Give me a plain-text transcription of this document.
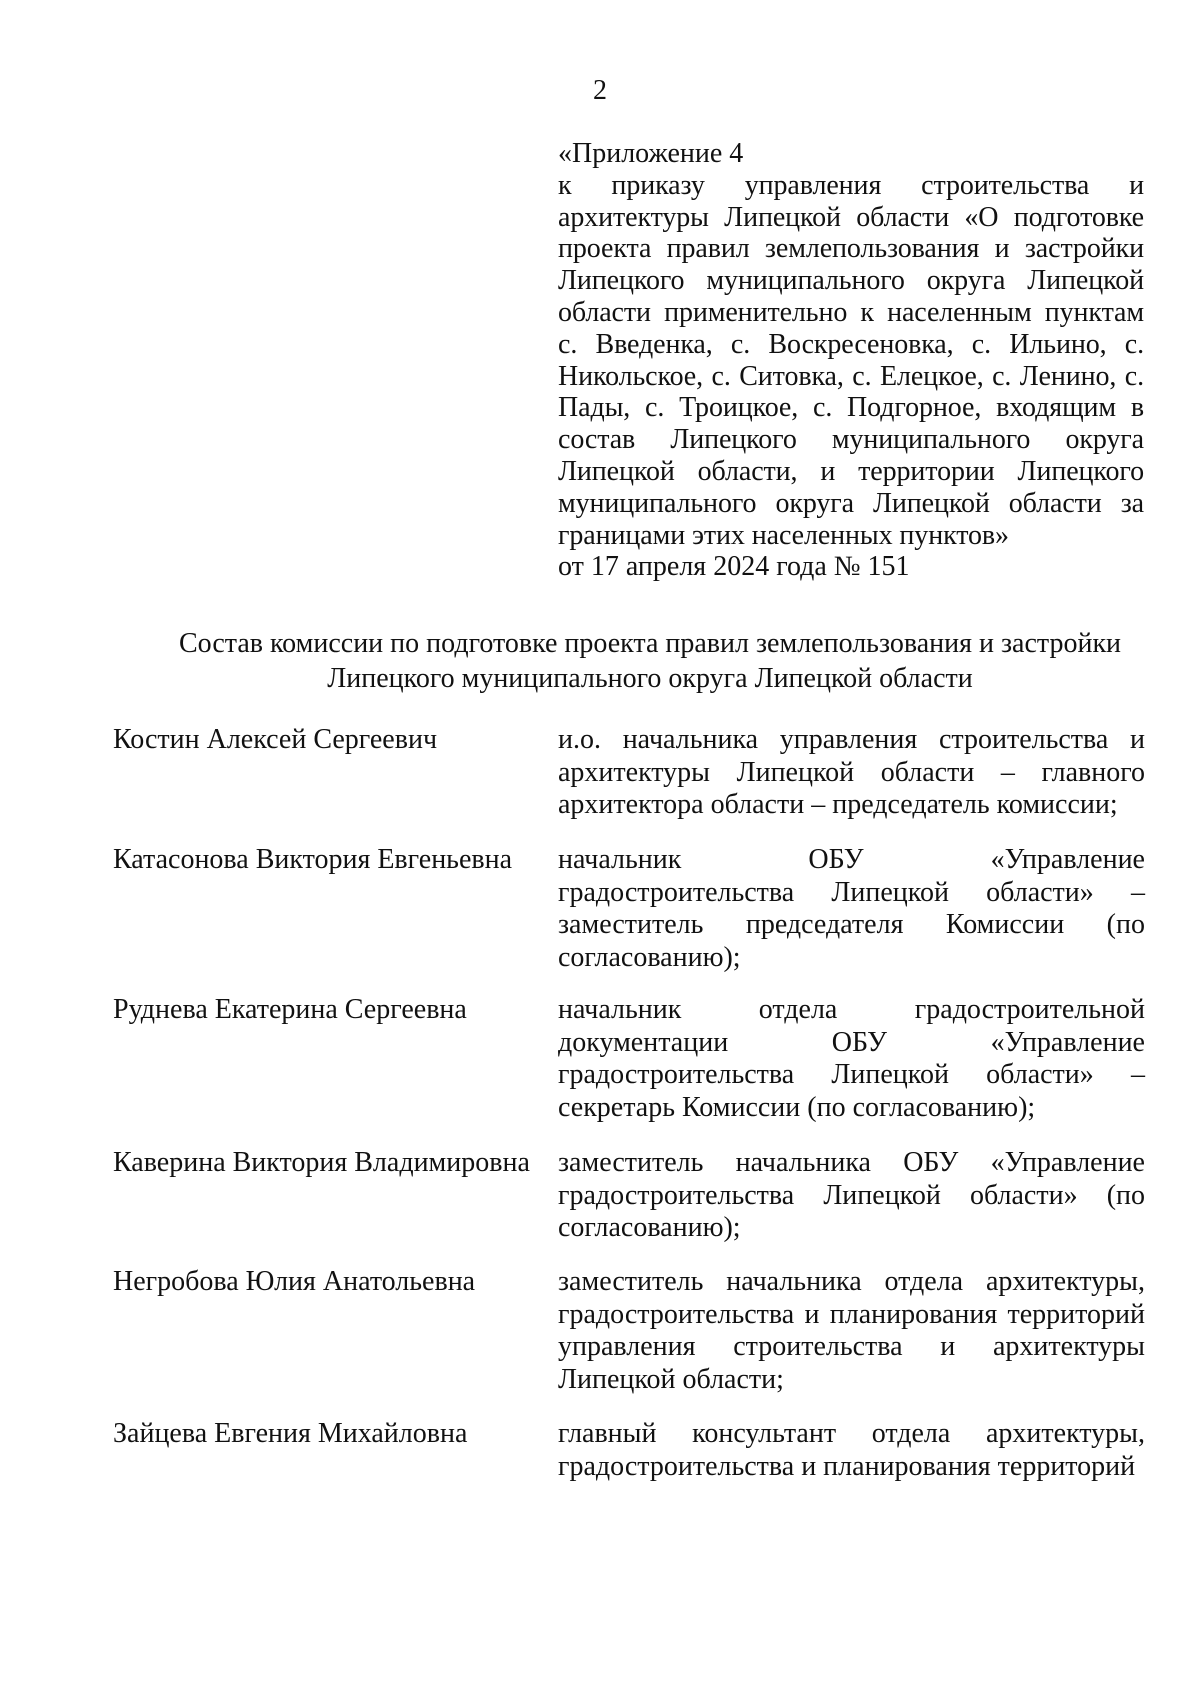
2
«Приложение 4
к приказу управления строительства и архитектуры Липецкой области «О подготовке проекта правил землепользования и застройки Липецкого муниципального округа Липецкой области применительно к населенным пунктам с. Введенка, с. Воскресеновка, с. Ильино, с. Никольское, с. Ситовка, с. Елецкое, с. Ленино, с. Пады, с. Троицкое, с. Подгорное, входящим в состав Липецкого муниципального округа Липецкой области, и территории Липецкого муниципального округа Липецкой области за границами этих населенных пунктов»
от 17 апреля 2024 года № 151
Состав комиссии по подготовке проекта правил землепользования и застройки
Липецкого муниципального округа Липецкой области
Костин Алексей Сергеевич	и.о. начальника управления строительства и архитектуры Липецкой области – главного архитектора области – председатель комиссии;
Катасонова Виктория Евгеньевна	начальник ОБУ «Управление градостроительства Липецкой области» – заместитель председателя Комиссии (по согласованию);
Руднева Екатерина Сергеевна	начальник отдела градостроительной документации ОБУ «Управление градостроительства Липецкой области» – секретарь Комиссии (по согласованию);
Каверина Виктория Владимировна	заместитель начальника ОБУ «Управление градостроительства Липецкой области» (по согласованию);
Негробова Юлия Анатольевна	заместитель начальника отдела архитектуры, градостроительства и планирования территорий управления строительства и архитектуры Липецкой области;
Зайцева Евгения Михайловна	главный консультант отдела архитектуры, градостроительства и планирования территорий
